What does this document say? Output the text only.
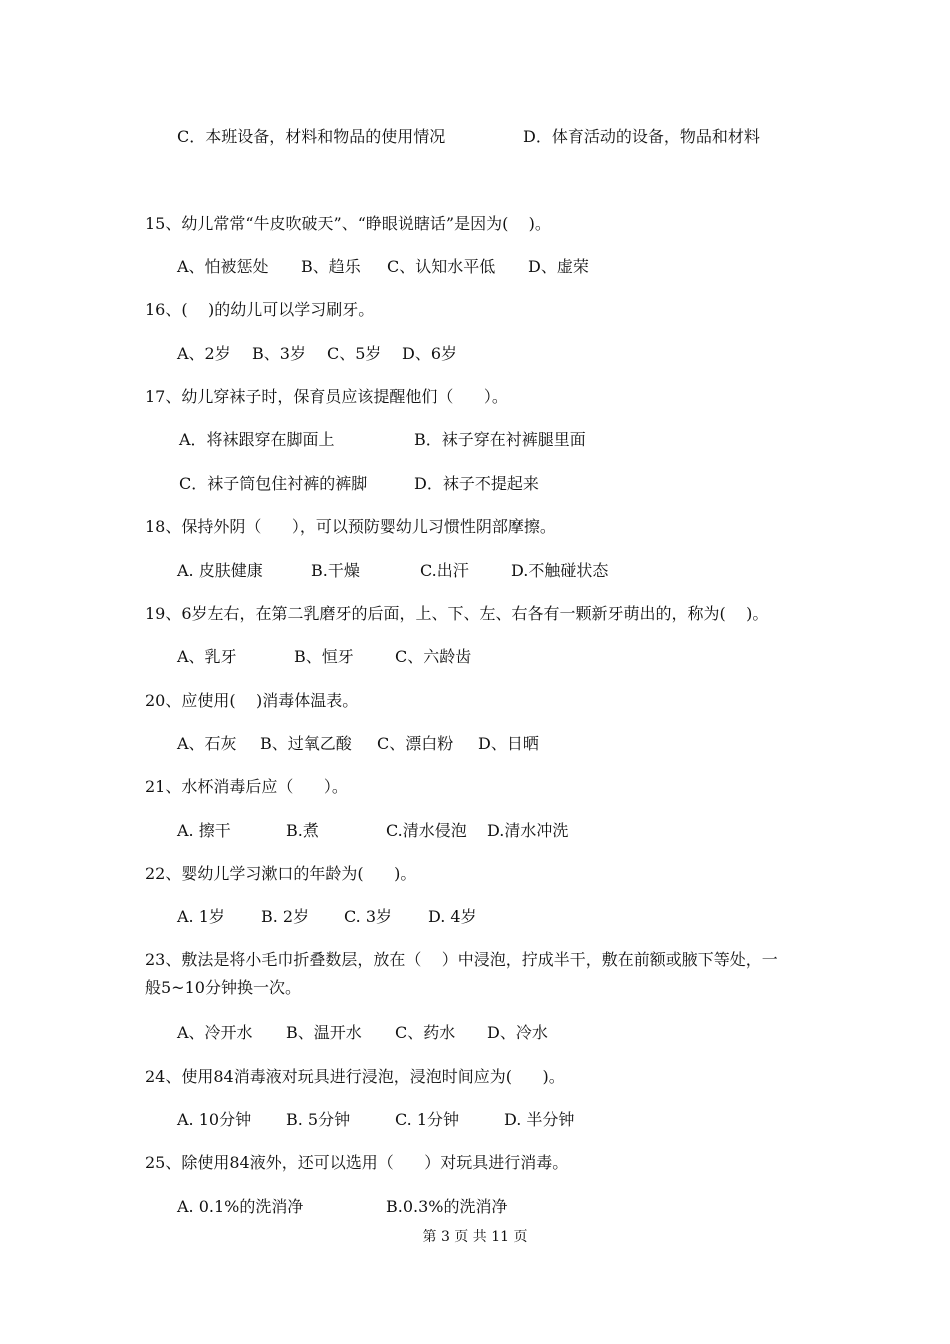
C．本班设备，材料和物品的使用情况	D．体育活动的设备，物品和材料
15、幼儿常常“牛皮吹破天”、“睁眼说瞎话”是因为(    )。
A、怕被惩处 B、趋乐 C、认知水平低 D、虚荣
16、(    )的幼儿可以学习刷牙。
A、2岁 B、3岁 C、5岁 D、6岁
17、幼儿穿袜子时，保育员应该提醒他们（      ）。
A．将袜跟穿在脚面上	B．袜子穿在衬裤腿里面
C．袜子筒包住衬裤的裤脚	D．袜子不提起来
18、保持外阴（      ），可以预防婴幼儿习惯性阴部摩擦。
A. 皮肤健康	B.干燥	C.出汗	D.不触碰状态
19、6岁左右，在第二乳磨牙的后面，上、下、左、右各有一颗新牙萌出的，称为(    )。
A、乳牙	B、恒牙	C、六龄齿
20、应使用(    )消毒体温表。
A、石灰 B、过氧乙酸 C、漂白粉 D、日晒
21、水杯消毒后应（      ）。
A. 擦干	B.煮	C.清水侵泡 D.清水冲洗
22、婴幼儿学习漱口的年龄为(      )。
A. 1岁 B. 2岁 C. 3岁 D. 4岁
23、敷法是将小毛巾折叠数层，放在（    ）中浸泡，拧成半干，敷在前额或腋下等处，一
般5~10分钟换一次。
A、冷开水 B、温开水 C、药水 D、冷水
24、使用84消毒液对玩具进行浸泡，浸泡时间应为(      )。
A. 10分钟 B. 5分钟	C. 1分钟	D. 半分钟
25、除使用84液外，还可以选用（      ）对玩具进行消毒。
A. 0.1%的洗消净	B.0.3%的洗消净
第 3 页 共 11 页
